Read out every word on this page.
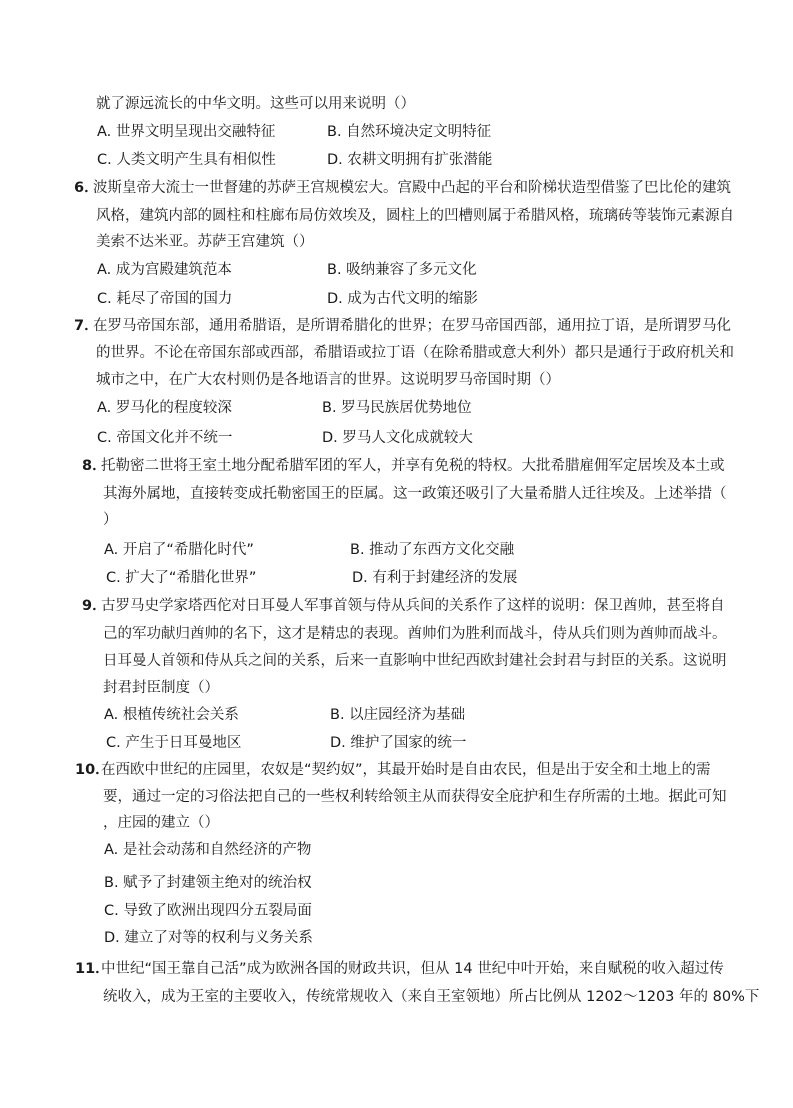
就了源远流长的中华文明。这些可以用来说明（）
A. 世界文明呈现出交融特征	B. 自然环境决定文明特征
C. 人类文明产生具有相似性	D. 农耕文明拥有扩张潜能
6．
波斯皇帝大流士一世督建的苏萨王宫规模宏大。宫殿中凸起的平台和阶梯状造型借鉴了巴比伦的建筑
风格，建筑内部的圆柱和柱廊布局仿效埃及，圆柱上的凹槽则属于希腊风格，琉璃砖等装饰元素源自
美索不达米亚。苏萨王宫建筑（）
A. 成为宫殿建筑范本	B. 吸纳兼容了多元文化
C. 耗尽了帝国的国力	D. 成为古代文明的缩影
7．
在罗马帝国东部，通用希腊语，是所谓希腊化的世界；在罗马帝国西部，通用拉丁语，是所谓罗马化
的世界。不论在帝国东部或西部，希腊语或拉丁语（在除希腊或意大利外）都只是通行于政府机关和
城市之中，在广大农村则仍是各地语言的世界。这说明罗马帝国时期（）
A. 罗马化的程度较深	B. 罗马民族居优势地位
C. 帝国文化并不统一	D. 罗马人文化成就较大
8．
托勒密二世将王室土地分配希腊军团的军人，并享有免税的特权。大批希腊雇佣军定居埃及本土或
其海外属地，直接转变成托勒密国王的臣属。这一政策还吸引了大量希腊人迁往埃及。上述举措（
）
A. 开启了“希腊化时代”	B. 推动了东西方文化交融
C. 扩大了“希腊化世界”	D. 有利于封建经济的发展
9．
古罗马史学家塔西佗对日耳曼人军事首领与侍从兵间的关系作了这样的说明：保卫酋帅，甚至将自
己的军功献归酋帅的名下，这才是精忠的表现。酋帅们为胜利而战斗，侍从兵们则为酋帅而战斗。
日耳曼人首领和侍从兵之间的关系，后来一直影响中世纪西欧封建社会封君与封臣的关系。这说明
封君封臣制度（）
A. 根植传统社会关系	B. 以庄园经济为基础
C. 产生于日耳曼地区	D. 维护了国家的统一
10．
在西欧中世纪的庄园里，农奴是“契约奴”，其最开始时是自由农民，但是出于安全和土地上的需
要，通过一定的习俗法把自己的一些权利转给领主从而获得安全庇护和生存所需的土地。据此可知
，庄园的建立（）
A. 是社会动荡和自然经济的产物
B. 赋予了封建领主绝对的统治权
C. 导致了欧洲出现四分五裂局面
D. 建立了对等的权利与义务关系
11．
中世纪“国王靠自己活”成为欧洲各国的财政共识，但从 14 世纪中叶开始，来自赋税的收入超过传
统收入，成为王室的主要收入，传统常规收入（来自王室领地）所占比例从 1202～1203 年的 80%下
